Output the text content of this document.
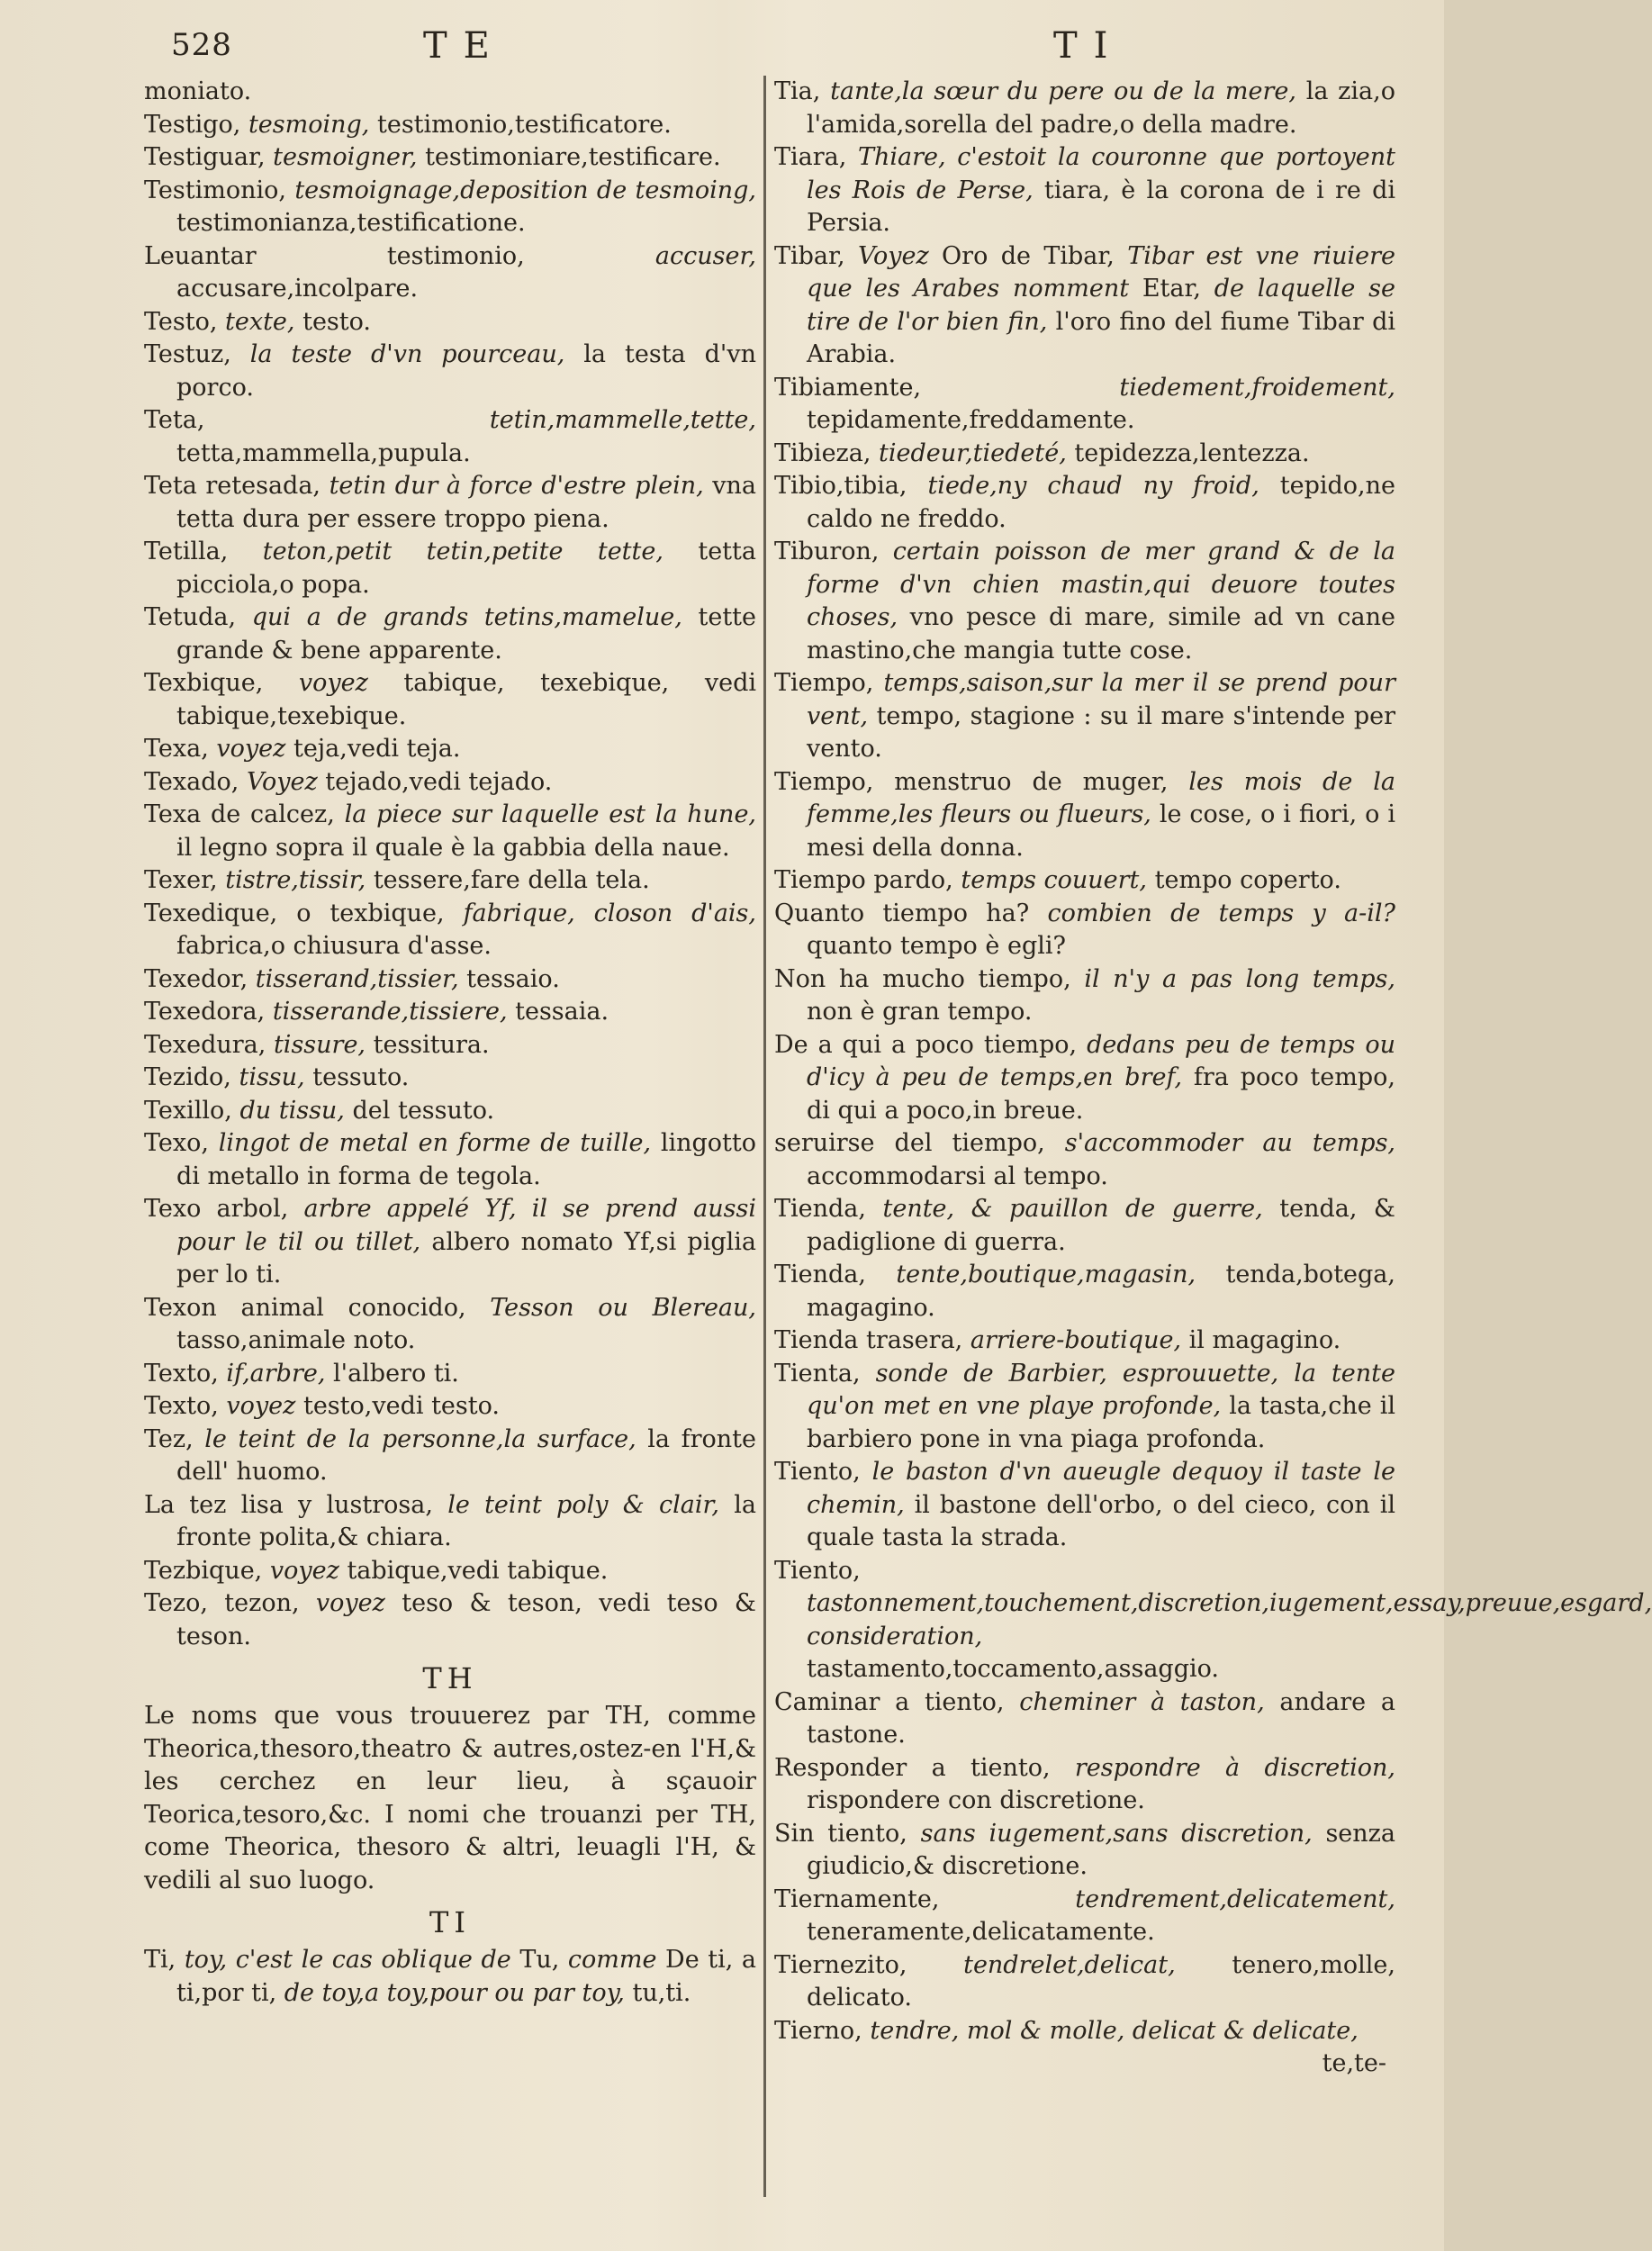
528	TE	TI

moniato.

Testigo, tesmoing, testimonio,testificatore.

Testiguar, tesmoigner, testimoniare,testificare.

Testimonio, tesmoignage,deposition de tesmoing, testimonianza,testificatione.

Leuantar testimonio,	accuser, accusare,incolpare.

Testo, texte, testo.

Testuz, la teste d'vn pourceau, la testa d'vn porco.

Teta,	tetin,mammelle,tette, tetta,mammella,pupula.

Teta retesada, tetin dur à force d'estre plein, vna tetta dura per essere troppo piena.

Tetilla, teton,petit tetin,petite tette, tetta picciola,o popa.

Tetuda, qui a de grands tetins,mamelue, tette grande & bene apparente.

Texbique, voyez tabique, texebique, vedi tabique,texebique.

Texa, voyez teja,vedi teja.

Texado, Voyez tejado,vedi tejado.

Texa de calcez, la piece sur laquelle est la hune, il legno sopra il quale è la gabbia della naue.

Texer, tistre,tissir, tessere,fare della tela.

Texedique, o texbique, fabrique, closon d'ais, fabrica,o chiusura d'asse.

Texedor, tisserand,tissier, tessaio.

Texedora, tisserande,tissiere, tessaia.

Texedura, tissure, tessitura.

Tezido, tissu, tessuto.

Texillo, du tissu, del tessuto.

Texo, lingot de metal en forme de tuille, lingotto di metallo in forma de tegola.

Texo arbol, arbre appelé Yf, il se prend aussi pour le til ou tillet, albero nomato Yf,si piglia per lo ti.

Texon animal conocido, Tesson ou Blereau, tasso,animale noto.

Texto, if,arbre, l'albero ti.

Texto, voyez testo,vedi testo.

Tez, le teint de la personne,la surface, la fronte dell' huomo.

La tez lisa y lustrosa, le teint poly & clair, la fronte polita,& chiara.

Tezbique, voyez tabique,vedi tabique.

Tezo, tezon, voyez teso & teson, vedi teso & teson.

TH

Le noms que vous trouuerez par TH, comme Theorica,thesoro,theatro & autres,ostez-en l'H,& les cerchez en leur lieu, à sçauoir Teorica,tesoro,&c. I nomi che trouanzi per TH, come Theorica, thesoro & altri, leuagli l'H, & vedili al suo luogo.

TI

Ti, toy, c'est le cas oblique de Tu, comme De ti, a ti,por ti, de toy,a toy,pour ou par toy, tu,ti.

Tia, tante,la sœur du pere ou de la mere, la zia,o l'amida,sorella del padre,o della madre.

Tiara, Thiare, c'estoit la couronne que portoyent les Rois de Perse, tiara, è la corona de i re di Persia.

Tibar, Voyez Oro de Tibar, Tibar est vne riuiere que les Arabes nomment Etar, de laquelle se tire de l'or bien fin, l'oro fino del fiume Tibar di Arabia.

Tibiamente,	tiedement,froidement, tepidamente,freddamente.

Tibieza, tiedeur,tiedeté, tepidezza,lentezza.

Tibio,tibia, tiede,ny chaud ny froid, tepido,ne caldo ne freddo.

Tiburon, certain poisson de mer grand & de la forme d'vn chien mastin,qui deuore toutes choses, vno pesce di mare, simile ad vn cane mastino,che mangia tutte cose.

Tiempo, temps,saison,sur la mer il se prend pour vent, tempo, stagione : su il mare s'intende per vento.

Tiempo, menstruo de muger, les mois de la femme,les fleurs ou flueurs, le cose, o i fiori, o i mesi della donna.

Tiempo pardo, temps couuert, tempo coperto.

Quanto tiempo ha? combien de temps y a-il? quanto tempo è egli?

Non ha mucho tiempo, il n'y a pas long temps, non è gran tempo.

De a qui a poco tiempo, dedans peu de temps ou d'icy à peu de temps,en bref, fra poco tempo, di qui a poco,in breue.

seruirse del tiempo, s'accommoder au temps, accommodarsi al tempo.

Tienda, tente, & pauillon de guerre, tenda, & padiglione di guerra.

Tienda, tente,boutique,magasin, tenda,botega, magagino.

Tienda trasera, arriere-boutique, il magagino.

Tienta, sonde de Barbier, esprouuette, la tente qu'on met en vne playe profonde, la tasta,che il barbiero pone in vna piaga profonda.

Tiento, le baston d'vn aueugle dequoy il taste le chemin, il bastone dell'orbo, o del cieco, con il quale tasta la strada.

Tiento, tastonnement,touchement,discretion,iugement,essay,preuue,esgard, consideration, tastamento,toccamento,assaggio.

Caminar a tiento, cheminer à taston, andare a tastone.

Responder a tiento, respondre à discretion, rispondere con discretione.

Sin tiento, sans iugement,sans discretion, senza giudicio,& discretione.

Tiernamente,	tendrement,delicatement, teneramente,delicatamente.

Tiernezito, tendrelet,delicat, tenero,molle, delicato.

Tierno, tendre, mol & molle, delicat & delicate,

te,te-
